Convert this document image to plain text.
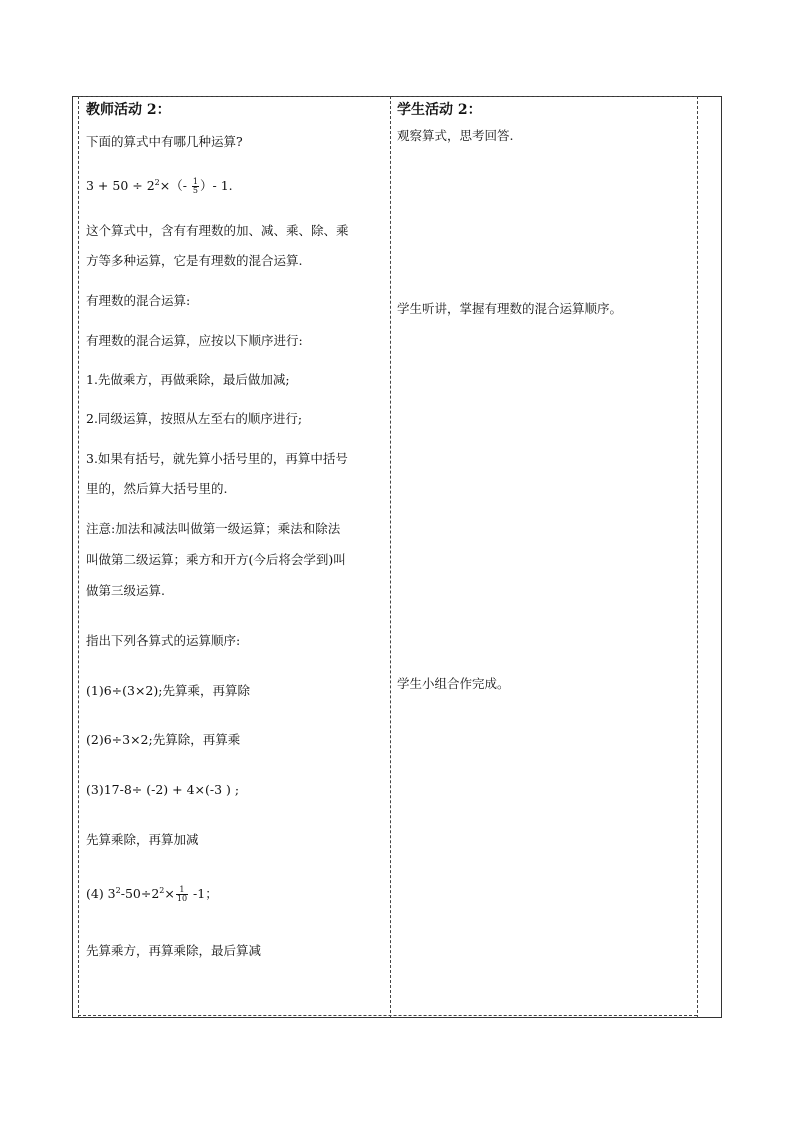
教师活动 2：
下面的算式中有哪几种运算?
$3 + 50 \div 2^2\times(- \frac{1}{5}$ ）- 1.
这个算式中，含有有理数的加、减、乘、除、乘
方等多种运算，它是有理数的混合运算.
有理数的混合运算:
有理数的混合运算，应按以下顺序进行:
1.先做乘方，再做乘除，最后做加减;
2.同级运算，按照从左至右的顺序进行;
3.如果有括号，就先算小括号里的，再算中括号
里的，然后算大括号里的.
注意:加法和减法叫做第一级运算；乘法和除法
叫做第二级运算；乘方和开方(今后将会学到)叫
做第三级运算.
指出下列各算式的运算顺序:
(1)6÷(3×2);先算乘，再算除
(2)6÷3×2;先算除，再算乘
(3)17-8÷ (-2) + 4×(-3 ) ;
先算乘除，再算加减
(4) $3^2-50\div 2^2\times \frac{1}{10} -1$；
先算乘方，再算乘除，最后算减
学生活动 2：
观察算式，思考回答.
学生听讲，掌握有理数的混合运算顺序。
学生小组合作完成。
